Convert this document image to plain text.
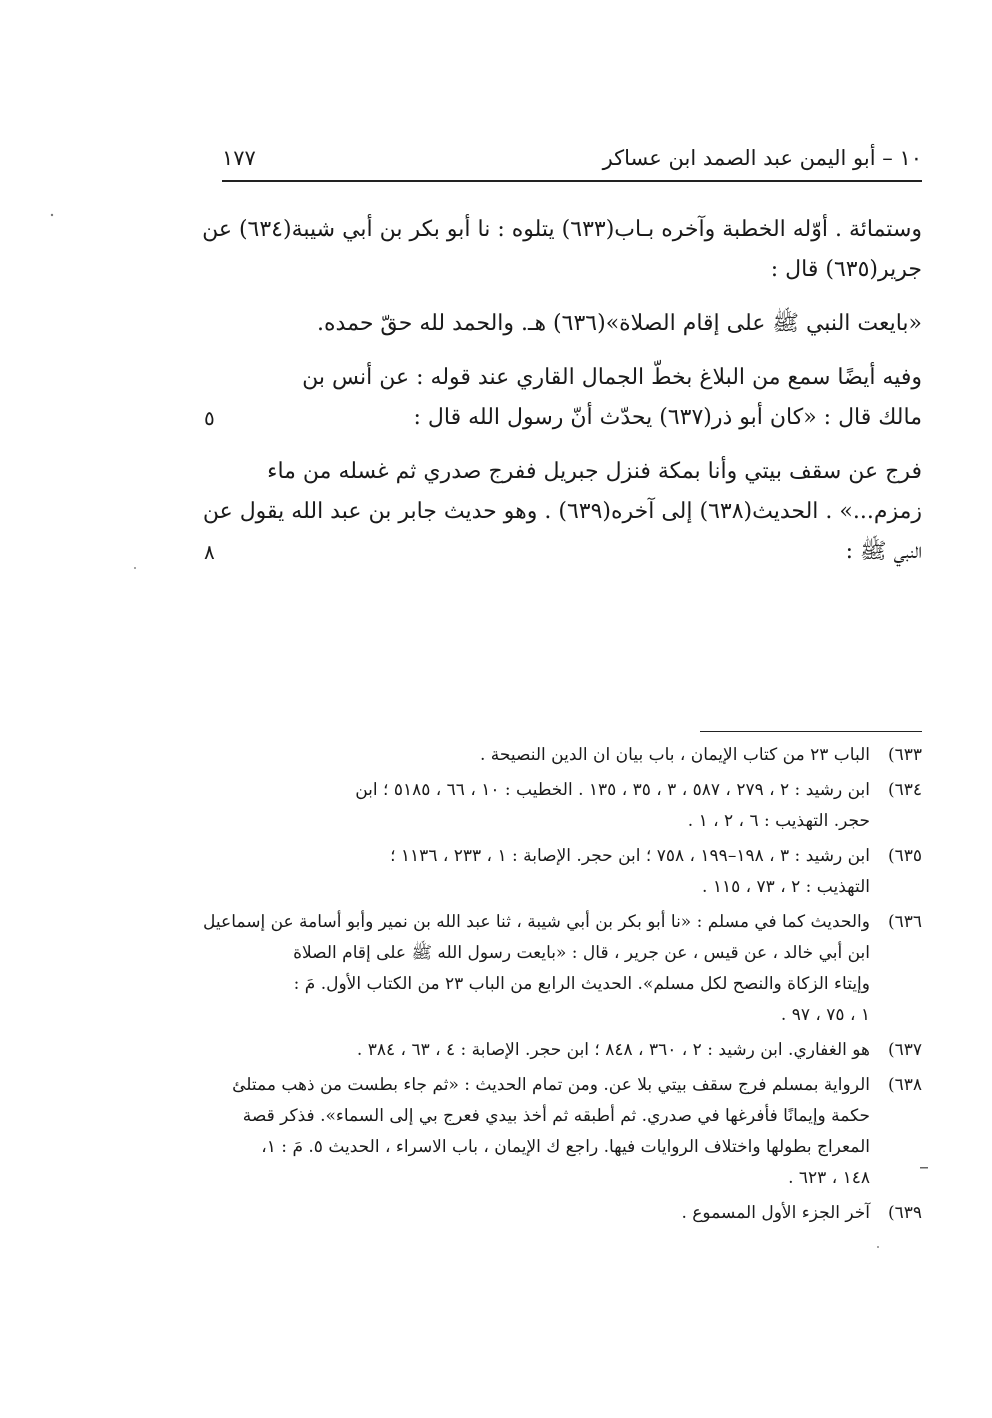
١٧٧	١٠ – أبو اليمن عبد الصمد ابن عساكر

وستمائة . أوّله الخطبة وآخره بـاب(٦٣٣) يتلوه : نا أبو بكر بن أبي شيبة(٦٣٤) عن
جرير(٦٣٥) قال :

«بايعت النبي ﷺ على إقام الصلاة»(٦٣٦) هـ. والحمد لله حقّ حمده.

وفيه أيضًا سمع من البلاغ بخطّ الجمال القاري عند قوله : عن أنس بن
مالك قال : «كان أبو ذر(٦٣٧) يحدّث أنّ رسول الله قال :
٥

فرج عن سقف بيتي وأنا بمكة فنزل جبريل ففرج صدري ثم غسله من ماء
زمزم...» . الحديث(٦٣٨) إلى آخره(٦٣٩) . وهو حديث جابر بن عبد الله يقول عن
النبي ﷺ :
٨

٦٣٣)
الباب ٢٣ من كتاب الإيمان ، باب بيان ان الدين النصيحة .
٦٣٤)
ابن رشيد : ٢ ، ٢٧٩ ، ٥٨٧ ، ٣ ، ٣٥ ، ١٣٥ . الخطيب : ١٠ ، ٦٦ ، ٥١٨٥ ؛ ابن
حجر. التهذيب : ٦ ، ٢ ، ١ .
٦٣٥)
ابن رشيد : ٣ ، ١٩٨–١٩٩ ، ٧٥٨ ؛ ابن حجر. الإصابة : ١ ، ٢٣٣ ، ١١٣٦ ؛
التهذيب : ٢ ، ٧٣ ، ١١٥ .
٦٣٦)
والحديث كما في مسلم : «نا أبو بكر بن أبي شيبة ، ثنا عبد الله بن نمير وأبو أسامة عن إسماعيل
ابن أبي خالد ، عن قيس ، عن جرير ، قال : «بايعت رسول الله ﷺ على إقام الصلاة
وإيتاء الزكاة والنصح لكل مسلم». الحديث الرابع من الباب ٢٣ من الكتاب الأول. مَ :
١ ، ٧٥ ، ٩٧ .
٦٣٧)
هو الغفاري. ابن رشيد : ٢ ، ٣٦٠ ، ٨٤٨ ؛ ابن حجر. الإصابة : ٤ ، ٦٣ ، ٣٨٤ .
٦٣٨)
الرواية بمسلم فرج سقف بيتي بلا عن. ومن تمام الحديث : «ثم جاء بطست من ذهب ممتلئ
حكمة وإيمانًا فأفرغها في صدري. ثم أطبقه ثم أخذ بيدي فعرج بي إلى السماء». فذكر قصة
المعراج بطولها واختلاف الروايات فيها. راجع ك الإيمان ، باب الاسراء ، الحديث ٥. مَ : ١،
١٤٨ ، ٦٢٣ .
٦٣٩)
آخر الجزء الأول المسموع .
